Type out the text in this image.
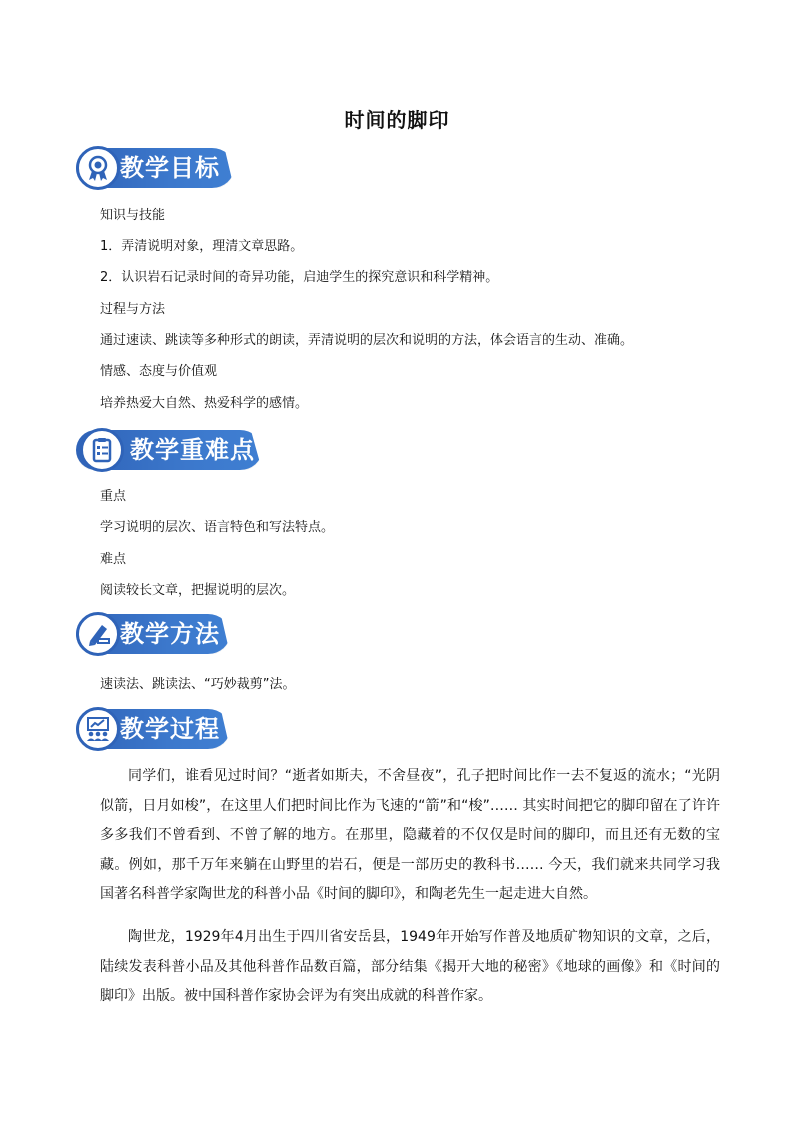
时间的脚印
教学目标
知识与技能
1．弄清说明对象，理清文章思路。
2．认识岩石记录时间的奇异功能，启迪学生的探究意识和科学精神。
过程与方法
通过速读、跳读等多种形式的朗读，弄清说明的层次和说明的方法，体会语言的生动、准确。
情感、态度与价值观
培养热爱大自然、热爱科学的感情。
教学重难点
重点
学习说明的层次、语言特色和写法特点。
难点
阅读较长文章，把握说明的层次。
教学方法
速读法、跳读法、“巧妙裁剪”法。
教学过程
同学们，谁看见过时间？“逝者如斯夫，不舍昼夜”，孔子把时间比作一去不复返的流水；“光阴似箭，日月如梭”，在这里人们把时间比作为飞速的“箭”和“梭”…… 其实时间把它的脚印留在了许许多多我们不曾看到、不曾了解的地方。在那里，隐藏着的不仅仅是时间的脚印，而且还有无数的宝藏。例如，那千万年来躺在山野里的岩石，便是一部历史的教科书…… 今天，我们就来共同学习我国著名科普学家陶世龙的科普小品《时间的脚印》，和陶老先生一起走进大自然。
陶世龙，1929年4月出生于四川省安岳县，1949年开始写作普及地质矿物知识的文章，之后，陆续发表科普小品及其他科普作品数百篇，部分结集《揭开大地的秘密》《地球的画像》和《时间的脚印》出版。被中国科普作家协会评为有突出成就的科普作家。
